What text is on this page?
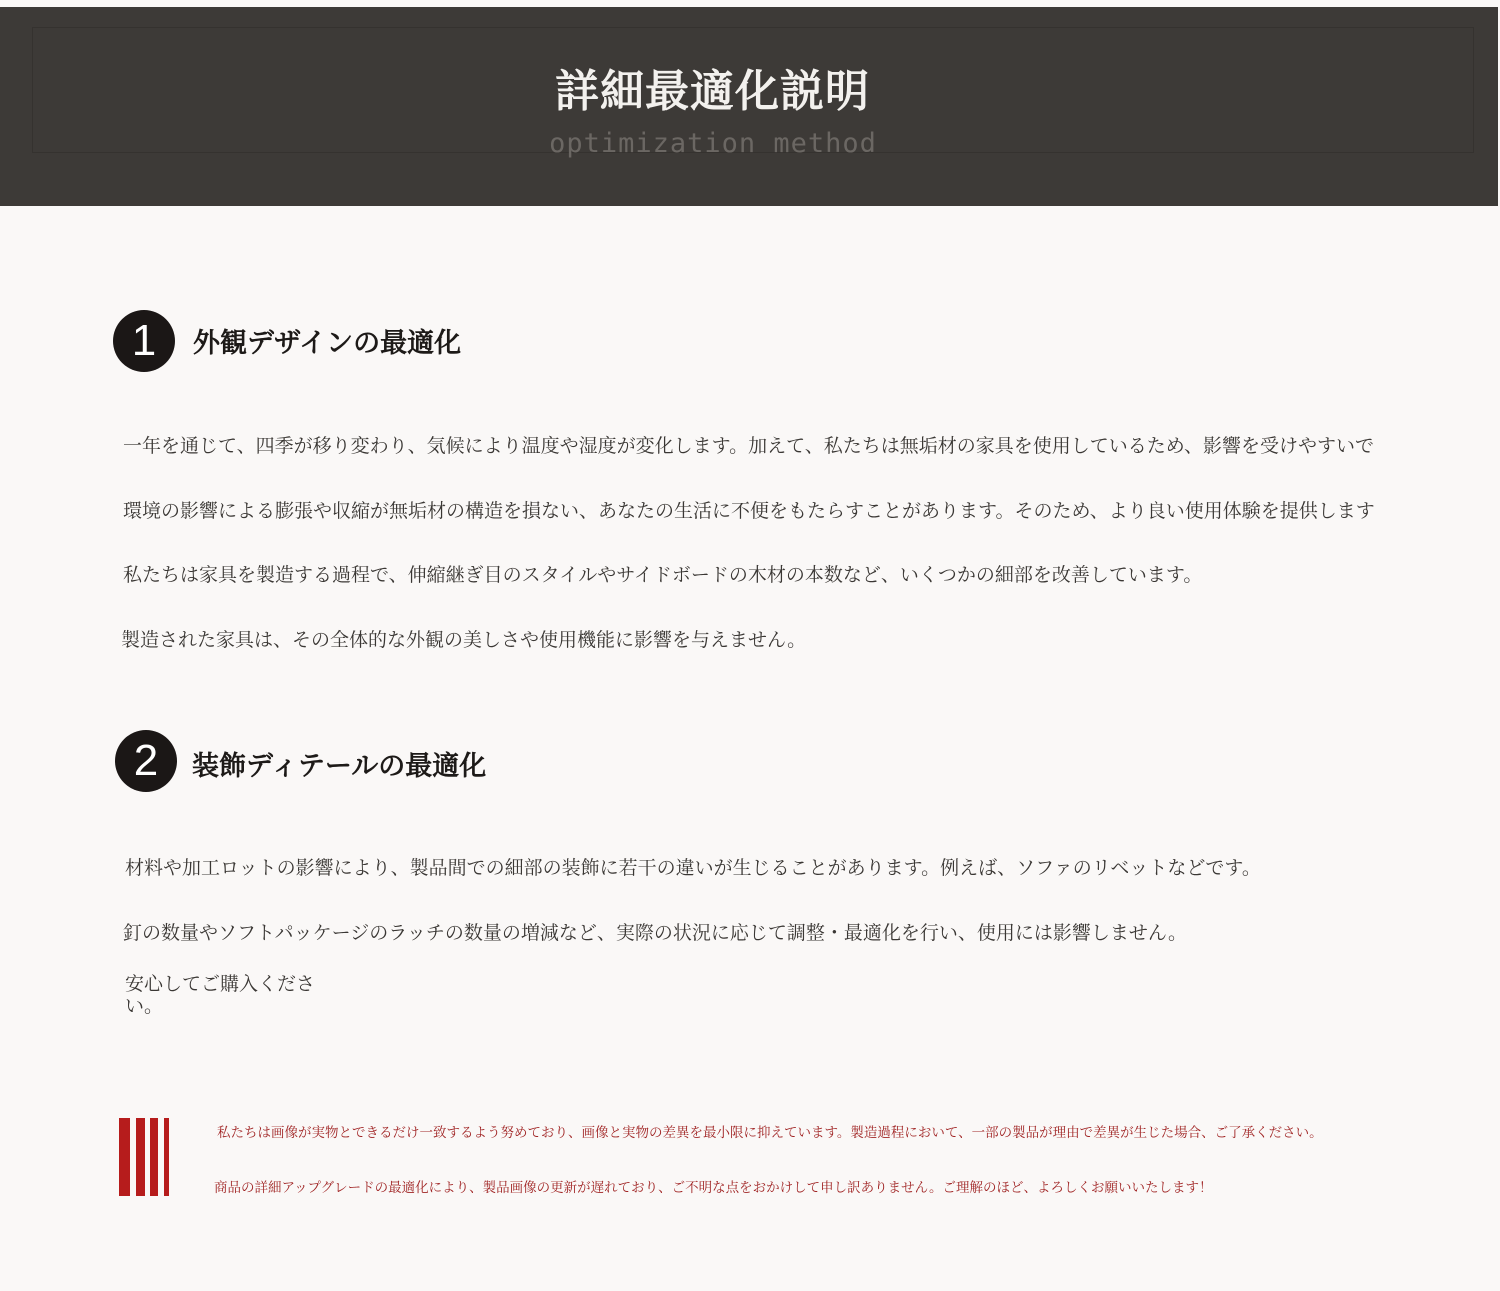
詳細最適化説明
optimization method
1	外観デザインの最適化
一年を通じて、四季が移り変わり、気候により温度や湿度が変化します。加えて、私たちは無垢材の家具を使用しているため、影響を受けやすいで
環境の影響による膨張や収縮が無垢材の構造を損ない、あなたの生活に不便をもたらすことがあります。そのため、より良い使用体験を提供します
私たちは家具を製造する過程で、伸縮継ぎ目のスタイルやサイドボードの木材の本数など、いくつかの細部を改善しています。
製造された家具は、その全体的な外観の美しさや使用機能に影響を与えません。
2	装飾ディテールの最適化
材料や加工ロットの影響により、製品間での細部の装飾に若干の違いが生じることがあります。例えば、ソファのリベットなどです。
釘の数量やソフトパッケージのラッチの数量の増減など、実際の状況に応じて調整・最適化を行い、使用には影響しません。
安心してご購入ください。
私たちは画像が実物とできるだけ一致するよう努めており、画像と実物の差異を最小限に抑えています。製造過程において、一部の製品が理由で差異が生じた場合、ご了承ください。
商品の詳細アップグレードの最適化により、製品画像の更新が遅れており、ご不明な点をおかけして申し訳ありません。ご理解のほど、よろしくお願いいたします！
